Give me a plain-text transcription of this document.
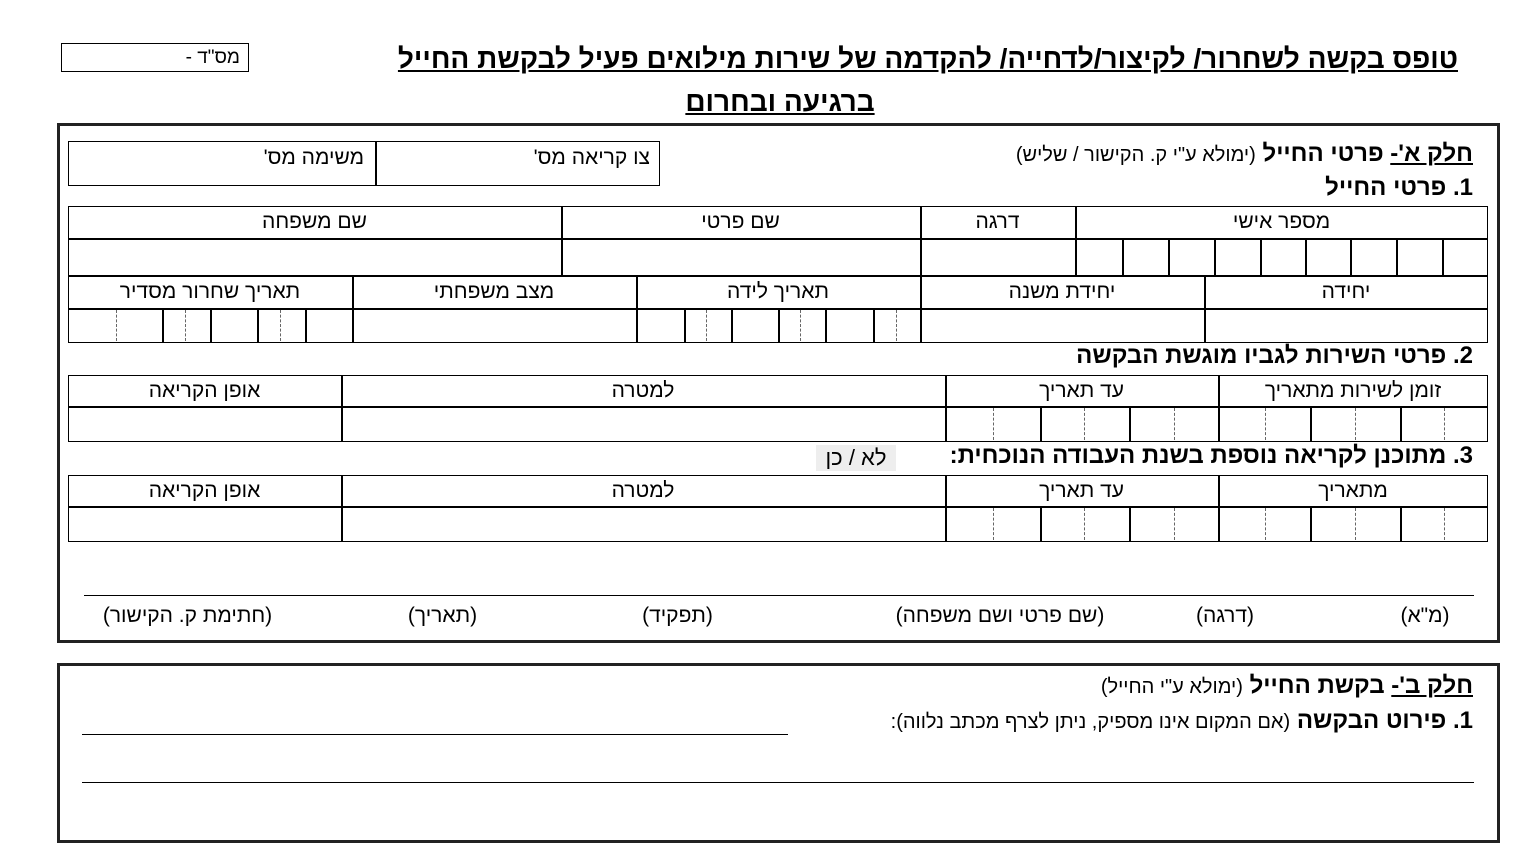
מס"ד -	טופס בקשה לשחרור/ לקיצור/לדחייה/ להקדמה של שירות מילואים פעיל לבקשת החייל
ברגיעה ובחרום
חלק א'- פרטי החייל (ימולא ע"י ק. הקישור / שליש)
צו קריאה מס'
משימה מס'
1. פרטי החייל
מספר אישי
דרגה
שם פרטי
שם משפחה
יחידה
יחידת משנה
תאריך לידה
מצב משפחתי
תאריך שחרור מסדיר
2. פרטי השירות לגביו מוגשת הבקשה
זומן לשירות מתאריך
עד תאריך
למטרה
אופן הקריאה
3. מתוכנן לקריאה נוספת בשנת העבודה הנוכחית:
לא / כן
מתאריך
עד תאריך
למטרה
אופן הקריאה
(מ"א)
(דרגה)
(שם פרטי ושם משפחה)
(תפקיד)
(תאריך)
(חתימת ק. הקישור)
חלק ב'- בקשת החייל (ימולא ע"י החייל)
1. פירוט הבקשה (אם המקום אינו מספיק, ניתן לצרף מכתב נלווה):
